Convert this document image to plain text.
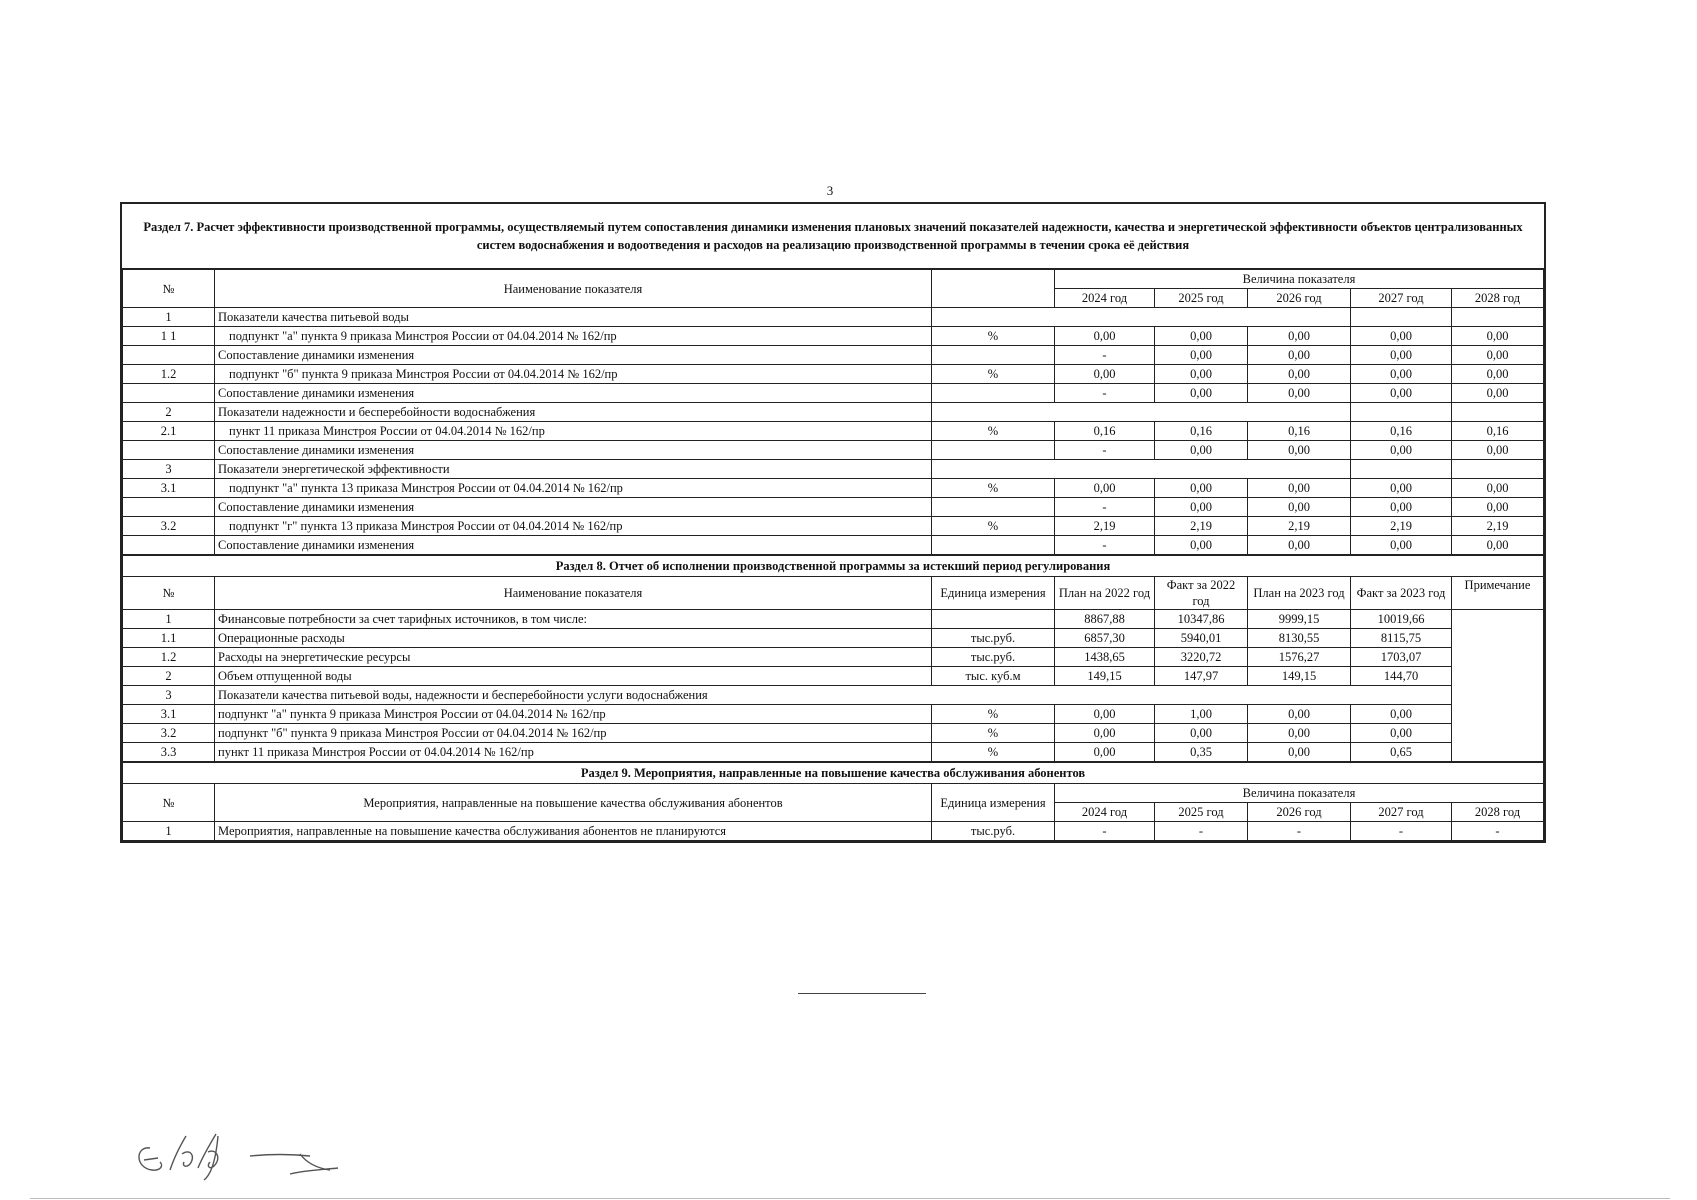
3
Раздел 7. Расчет эффективности производственной программы, осуществляемый путем сопоставления динамики изменения плановых значений показателей надежности, качества и энергетической эффективности объектов централизованных систем водоснабжения и водоотведения и расходов на реализацию производственной программы в течении срока её действия
№	Наименование показателя		Величина показателя				
			2024 год	2025 год	2026 год	2027 год	2028 год
1	Показатели качества питьевой воды						
1 1	подпункт "а" пункта 9 приказа Минстроя России от 04.04.2014 № 162/пр	%	0,00	0,00	0,00	0,00	0,00
	Сопоставление динамики изменения		-	0,00	0,00	0,00	0,00
1.2	подпункт "б" пункта 9 приказа Минстроя России от 04.04.2014 № 162/пр	%	0,00	0,00	0,00	0,00	0,00
	Сопоставление динамики изменения		-	0,00	0,00	0,00	0,00
2	Показатели надежности и бесперебойности водоснабжения						
2.1	пункт 11 приказа Минстроя России от 04.04.2014 № 162/пр	%	0,16	0,16	0,16	0,16	0,16
	Сопоставление динамики изменения		-	0,00	0,00	0,00	0,00
3	Показатели энергетической эффективности						
3.1	подпункт "а" пункта 13 приказа Минстроя России от 04.04.2014 № 162/пр	%	0,00	0,00	0,00	0,00	0,00
	Сопоставление динамики изменения		-	0,00	0,00	0,00	0,00
3.2	подпункт "г" пункта 13 приказа Минстроя России от 04.04.2014 № 162/пр	%	2,19	2,19	2,19	2,19	2,19
	Сопоставление динамики изменения		-	0,00	0,00	0,00	0,00
Раздел 8. Отчет об исполнении производственной программы за истекший период регулирования							
№	Наименование показателя	Единица измерения	План на 2022 год	Факт за 2022 год	План на 2023 год	Факт за 2023 год	Примечание
1	Финансовые потребности за счет тарифных источников, в том числе:		8867,88	10347,86	9999,15	10019,66	
1.1	Операционные расходы	тыс.руб.	6857,30	5940,01	8130,55	8115,75	
1.2	Расходы на энергетические ресурсы	тыс.руб.	1438,65	3220,72	1576,27	1703,07	
2	Объем отпущенной воды	тыс. куб.м	149,15	147,97	149,15	144,70	
3	Показатели качества питьевой воды, надежности и бесперебойности услуги водоснабжения						
3.1	подпункт "а" пункта 9 приказа Минстроя России от 04.04.2014 № 162/пр	%	0,00	1,00	0,00	0,00	
3.2	подпункт "б" пункта 9 приказа Минстроя России от 04.04.2014 № 162/пр	%	0,00	0,00	0,00	0,00	
3.3	пункт 11 приказа Минстроя России от 04.04.2014 № 162/пр	%	0,00	0,35	0,00	0,65	
Раздел 9. Мероприятия, направленные на повышение качества обслуживания абонентов							
№	Мероприятия, направленные на повышение качества обслуживания абонентов	Единица измерения	Величина показателя				
			2024 год	2025 год	2026 год	2027 год	2028 год
1	Мероприятия, направленные на повышение качества обслуживания абонентов не планируются	тыс.руб.	-	-	-	-	-
